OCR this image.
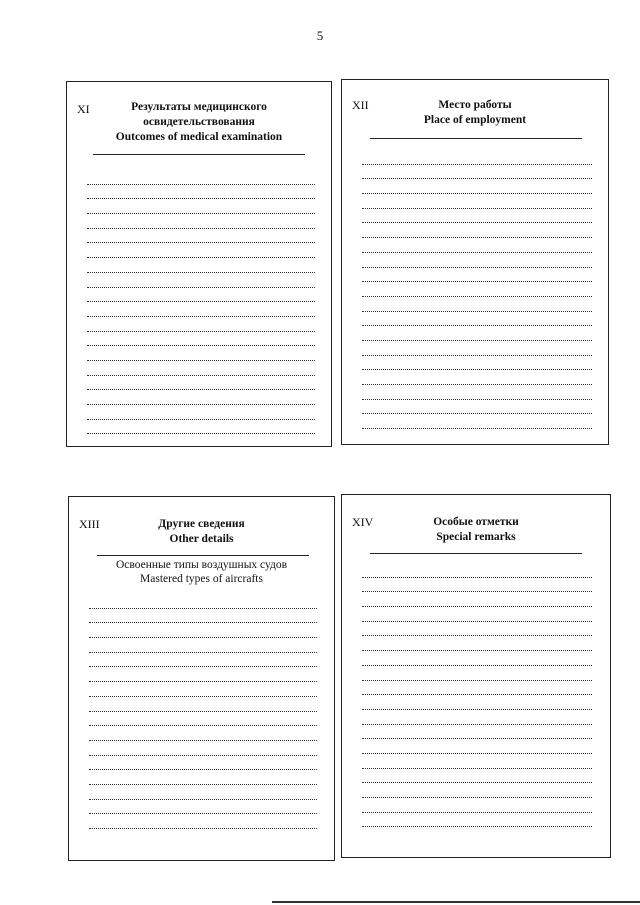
5
XI	Результаты медицинского
освидетельствования
Outcomes of medical examination
XII	Место работы
Place of employment
XIII	Другие сведения
Other details
Освоенные типы воздушных судов
Mastered types of aircrafts
XIV	Особые отметки
Special remarks
